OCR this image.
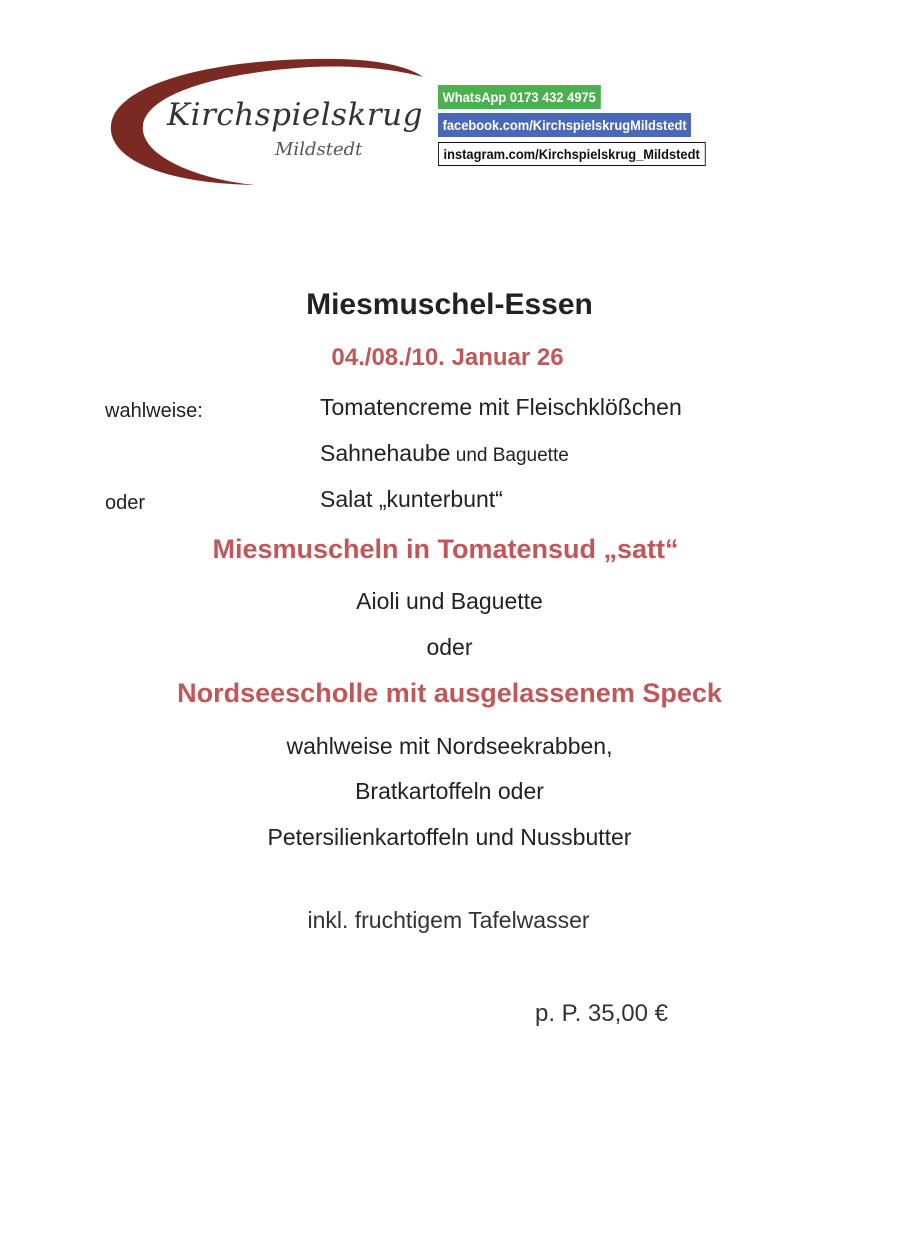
Kirchspielskrug
Mildstedt
WhatsApp 0173 432 4975
facebook.com/KirchspielskrugMildstedt
instagram.com/Kirchspielskrug_Mildstedt
Miesmuschel-Essen
04./08./10. Januar 26
wahlweise:	Tomatencreme mit Fleischklößchen
Sahnehaube und Baguette
oder	Salat „kunterbunt“
Miesmuscheln in Tomatensud „satt“
Aioli und Baguette
oder
Nordseescholle mit ausgelassenem Speck
wahlweise mit Nordseekrabben,
Bratkartoffeln oder
Petersilienkartoffeln und Nussbutter
inkl. fruchtigem Tafelwasser
p. P. 35,00 €
